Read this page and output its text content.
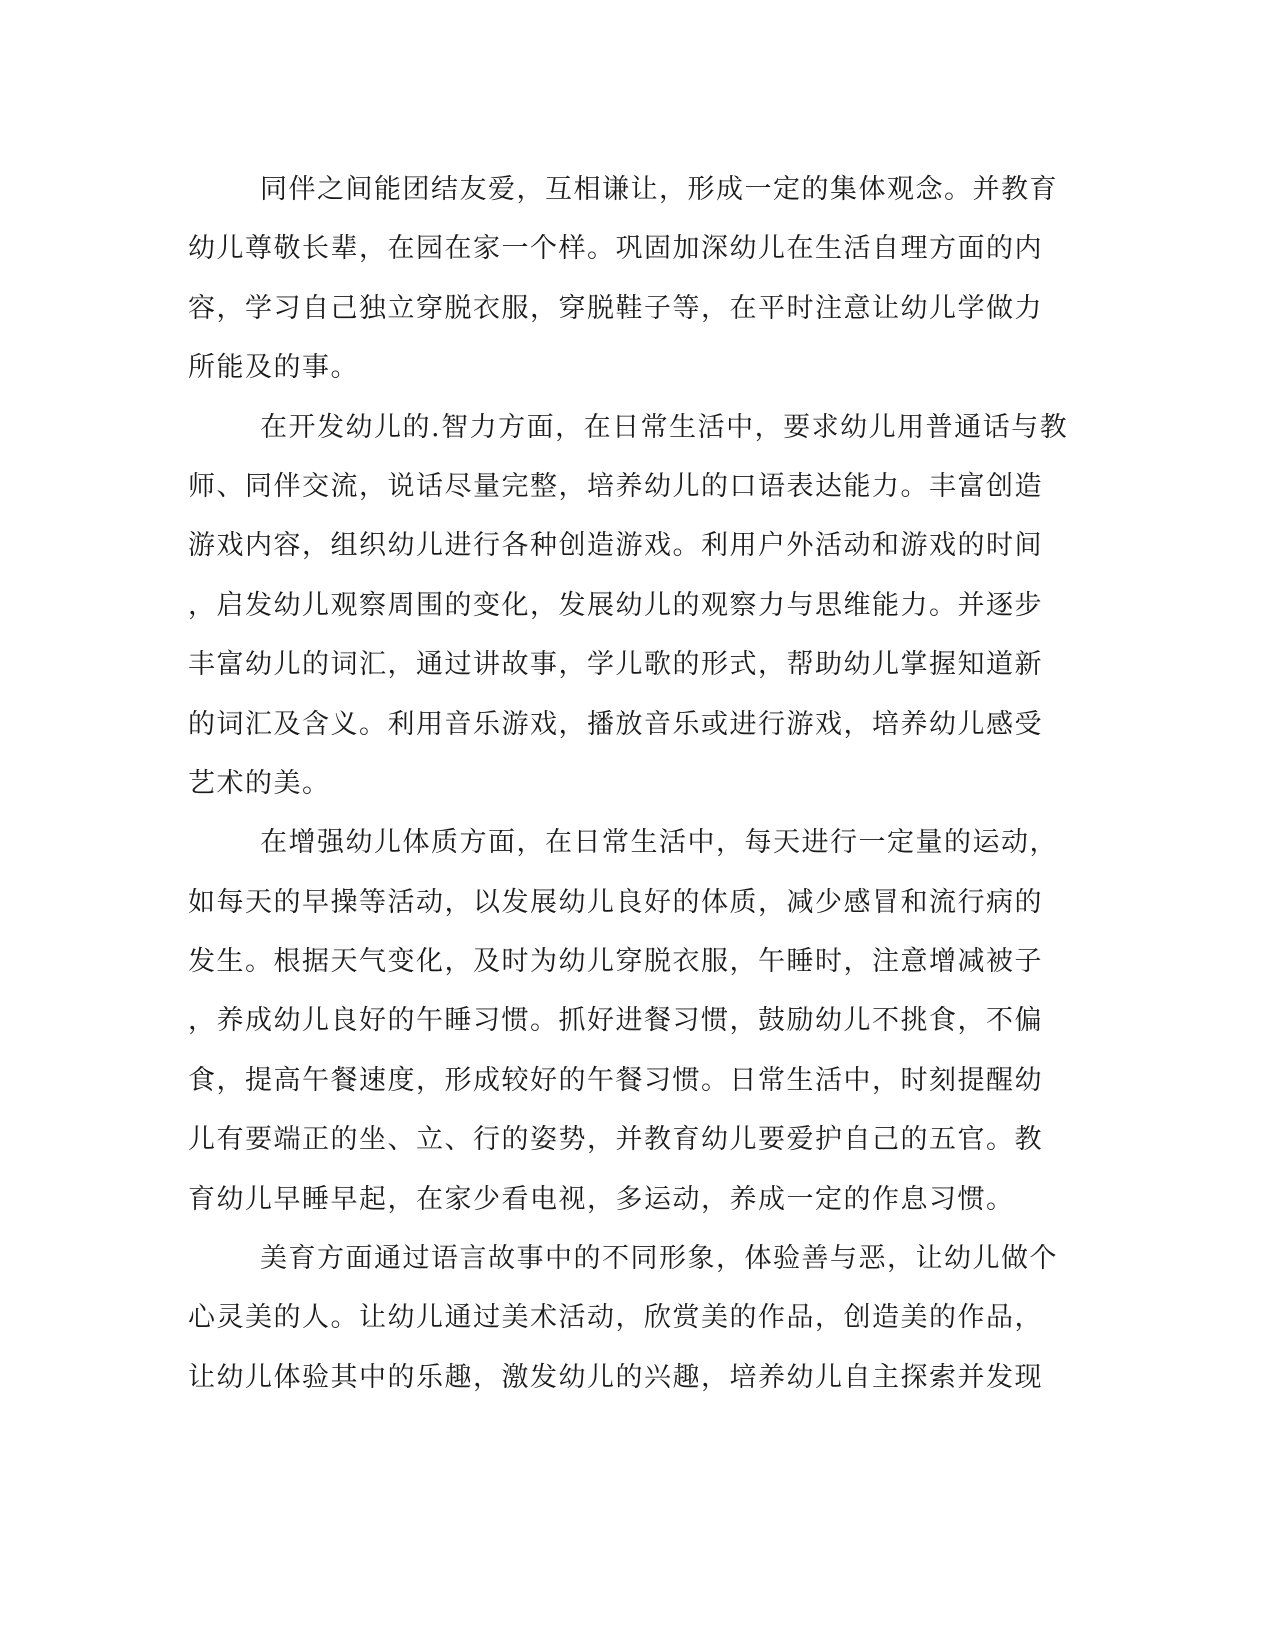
同伴之间能团结友爱，互相谦让，形成一定的集体观念。并教育
幼儿尊敬长辈，在园在家一个样。巩固加深幼儿在生活自理方面的内
容，学习自己独立穿脱衣服，穿脱鞋子等，在平时注意让幼儿学做力
所能及的事。
在开发幼儿的.智力方面，在日常生活中，要求幼儿用普通话与教
师、同伴交流，说话尽量完整，培养幼儿的口语表达能力。丰富创造
游戏内容，组织幼儿进行各种创造游戏。利用户外活动和游戏的时间
，启发幼儿观察周围的变化，发展幼儿的观察力与思维能力。并逐步
丰富幼儿的词汇，通过讲故事，学儿歌的形式，帮助幼儿掌握知道新
的词汇及含义。利用音乐游戏，播放音乐或进行游戏，培养幼儿感受
艺术的美。
在增强幼儿体质方面，在日常生活中，每天进行一定量的运动，
如每天的早操等活动，以发展幼儿良好的体质，减少感冒和流行病的
发生。根据天气变化，及时为幼儿穿脱衣服，午睡时，注意增减被子
，养成幼儿良好的午睡习惯。抓好进餐习惯，鼓励幼儿不挑食，不偏
食，提高午餐速度，形成较好的午餐习惯。日常生活中，时刻提醒幼
儿有要端正的坐、立、行的姿势，并教育幼儿要爱护自己的五官。教
育幼儿早睡早起，在家少看电视，多运动，养成一定的作息习惯。
美育方面通过语言故事中的不同形象，体验善与恶，让幼儿做个
心灵美的人。让幼儿通过美术活动，欣赏美的作品，创造美的作品，
让幼儿体验其中的乐趣，激发幼儿的兴趣，培养幼儿自主探索并发现
